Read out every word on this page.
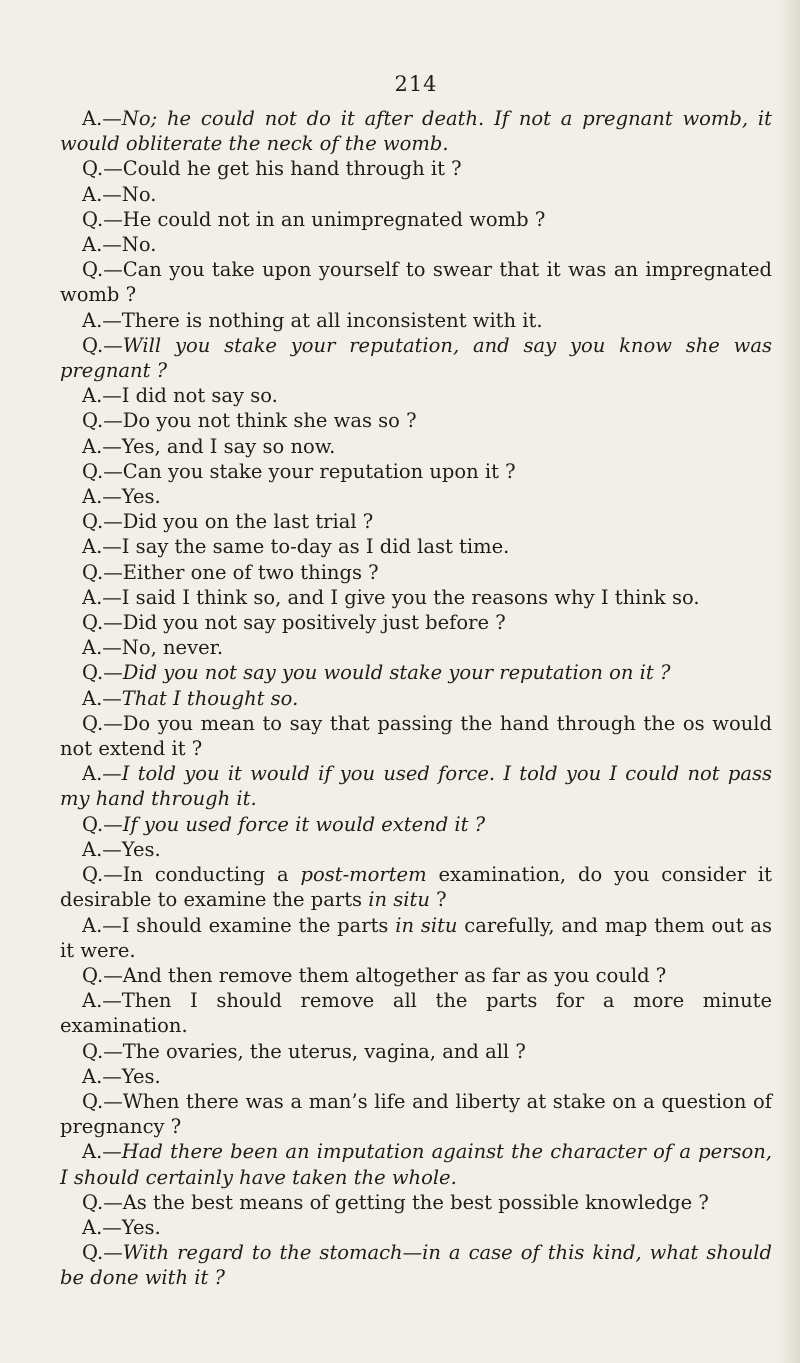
214

A.—No; he could not do it after death. If not a pregnant womb, it would obliterate the neck of the womb.

Q.—Could he get his hand through it ?

A.—No.

Q.—He could not in an unimpregnated womb ?

A.—No.

Q.—Can you take upon yourself to swear that it was an impregnated womb ?

A.—There is nothing at all inconsistent with it.

Q.—Will you stake your reputation, and say you know she was pregnant ?

A.—I did not say so.

Q.—Do you not think she was so ?

A.—Yes, and I say so now.

Q.—Can you stake your reputation upon it ?

A.—Yes.

Q.—Did you on the last trial ?

A.—I say the same to-day as I did last time.

Q.—Either one of two things ?

A.—I said I think so, and I give you the reasons why I think so.

Q.—Did you not say positively just before ?

A.—No, never.

Q.—Did you not say you would stake your reputation on it ?

A.—That I thought so.

Q.—Do you mean to say that passing the hand through the os would not extend it ?

A.—I told you it would if you used force. I told you I could not pass my hand through it.

Q.—If you used force it would extend it ?

A.—Yes.

Q.—In conducting a post-mortem examination, do you consider it desirable to examine the parts in situ ?

A.—I should examine the parts in situ carefully, and map them out as it were.

Q.—And then remove them altogether as far as you could ?

A.—Then I should remove all the parts for a more minute examination.

Q.—The ovaries, the uterus, vagina, and all ?

A.—Yes.

Q.—When there was a man’s life and liberty at stake on a question of pregnancy ?

A.—Had there been an imputation against the character of a person, I should certainly have taken the whole.

Q.—As the best means of getting the best possible knowledge ?

A.—Yes.

Q.—With regard to the stomach—in a case of this kind, what should be done with it ?
